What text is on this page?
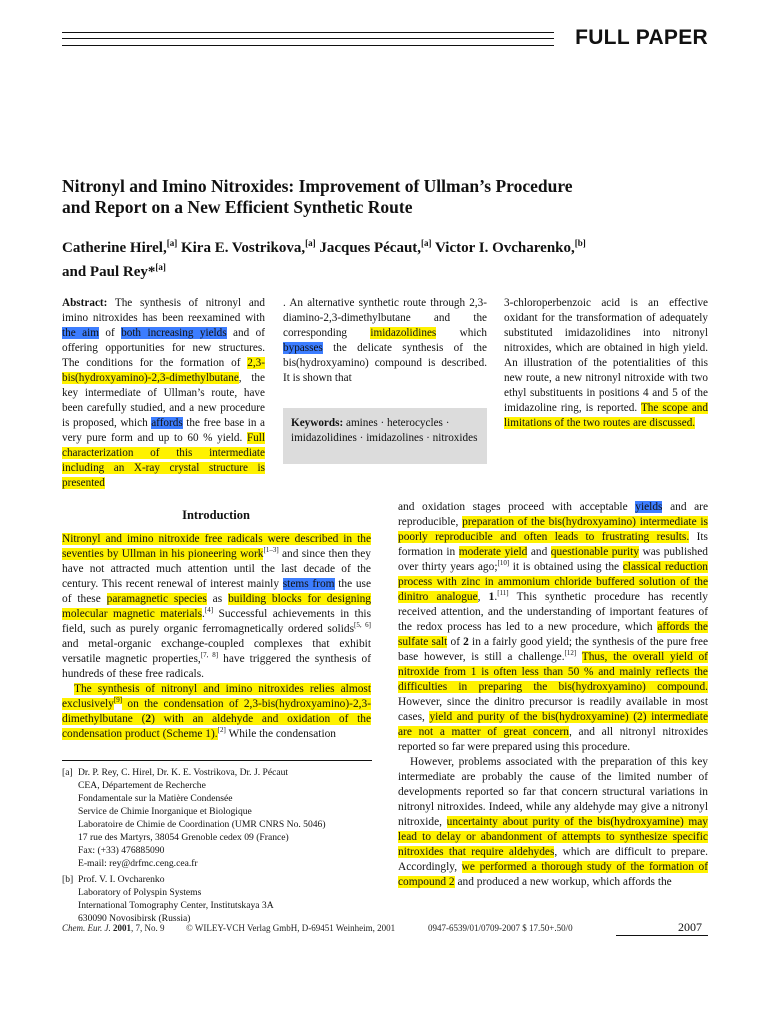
FULL PAPER
Nitronyl and Imino Nitroxides: Improvement of Ullman’s Procedure
and Report on a New Efficient Synthetic Route
Catherine Hirel,[a] Kira E. Vostrikova,[a] Jacques Pécaut,[a] Victor I. Ovcharenko,[b]
and Paul Rey*[a]

Abstract: The synthesis of nitronyl and imino nitroxides has been reexamined with the aim of both increasing yields and of offering opportunities for new structures. The conditions for the formation of 2,3-bis(hydroxyamino)-2,3-dimethylbutane, the key intermediate of Ullman’s route, have been carefully studied, and a new procedure is proposed, which affords the free base in a very pure form and up to 60 % yield. Full characterization of this intermediate including an X-ray crystal structure is presented

. An alternative synthetic route through 2,3-diamino-2,3-dimethylbutane and the corresponding imidazolidines which bypasses the delicate synthesis of the bis(hydroxyamino) compound is described. It is shown that

3-chloroperbenzoic acid is an effective oxidant for the transformation of adequately substituted imidazolidines into nitronyl nitroxides, which are obtained in high yield. An illustration of the potentialities of this new route, a new nitronyl nitroxide with two ethyl substituents in positions 4 and 5 of the imidazoline ring, is reported. The scope and limitations of the two routes are discussed.

Keywords: amines · heterocycles · imidazolidines · imidazolines · nitroxides
Introduction

Nitronyl and imino nitroxide free radicals were described in the seventies by Ullman in his pioneering work[1–3] and since then they have not attracted much attention until the last decade of the century. This recent renewal of interest mainly stems from the use of these paramagnetic species as building blocks for designing molecular magnetic materials.[4] Successful achievements in this field, such as purely organic ferromagnetically ordered solids[5, 6] and metal-organic exchange-coupled complexes that exhibit versatile magnetic properties,[7, 8] have triggered the synthesis of hundreds of these free radicals.

The synthesis of nitronyl and imino nitroxides relies almost exclusively[9] on the condensation of 2,3-bis(hydroxyamino)-2,3-dimethylbutane (2) with an aldehyde and oxidation of the condensation product (Scheme 1).[2] While the condensation

and oxidation stages proceed with acceptable yields and are reproducible, preparation of the bis(hydroxyamino) intermediate is poorly reproducible and often leads to frustrating results. Its formation in moderate yield and questionable purity was published over thirty years ago;[10] it is obtained using the classical reduction process with zinc in ammonium chloride buffered solution of the dinitro analogue, 1.[11] This synthetic procedure has recently received attention, and the understanding of important features of the redox process has led to a new procedure, which affords the sulfate salt of 2 in a fairly good yield; the synthesis of the pure free base however, is still a challenge.[12] Thus, the overall yield of nitroxide from 1 is often less than 50 % and mainly reflects the difficulties in preparing the bis(hydroxyamino) compound. However, since the dinitro precursor is readily available in most cases, yield and purity of the bis(hydroxyamine) (2) intermediate are not a matter of great concern, and all nitronyl nitroxides reported so far were prepared using this procedure.

However, problems associated with the preparation of this key intermediate are probably the cause of the limited number of developments reported so far that concern structural variations in nitronyl nitroxides. Indeed, while any aldehyde may give a nitronyl nitroxide, uncertainty about purity of the bis(hydroxyamine) may lead to delay or abandonment of attempts to synthesize specific nitroxides that require aldehydes, which are difficult to prepare. Accordingly, we performed a thorough study of the formation of compound 2 and produced a new workup, which affords the

[a] Dr. P. Rey, C. Hirel, Dr. K. E. Vostrikova, Dr. J. Pécaut
CEA, Département de Recherche
Fondamentale sur la Matière Condensée
Service de Chimie Inorganique et Biologique
Laboratoire de Chimie de Coordination (UMR CNRS No. 5046)
17 rue des Martyrs, 38054 Grenoble cedex 09 (France)
Fax: (+33) 476885090
E-mail: rey@drfmc.ceng.cea.fr
[b] Prof. V. I. Ovcharenko
Laboratory of Polyspin Systems
International Tomography Center, Institutskaya 3A
630090 Novosibirsk (Russia)
Chem. Eur. J. 2001, 7, No. 9 © WILEY-VCH Verlag GmbH, D-69451 Weinheim, 2001	0947-6539/01/0709-2007 $ 17.50+.50/0	2007
